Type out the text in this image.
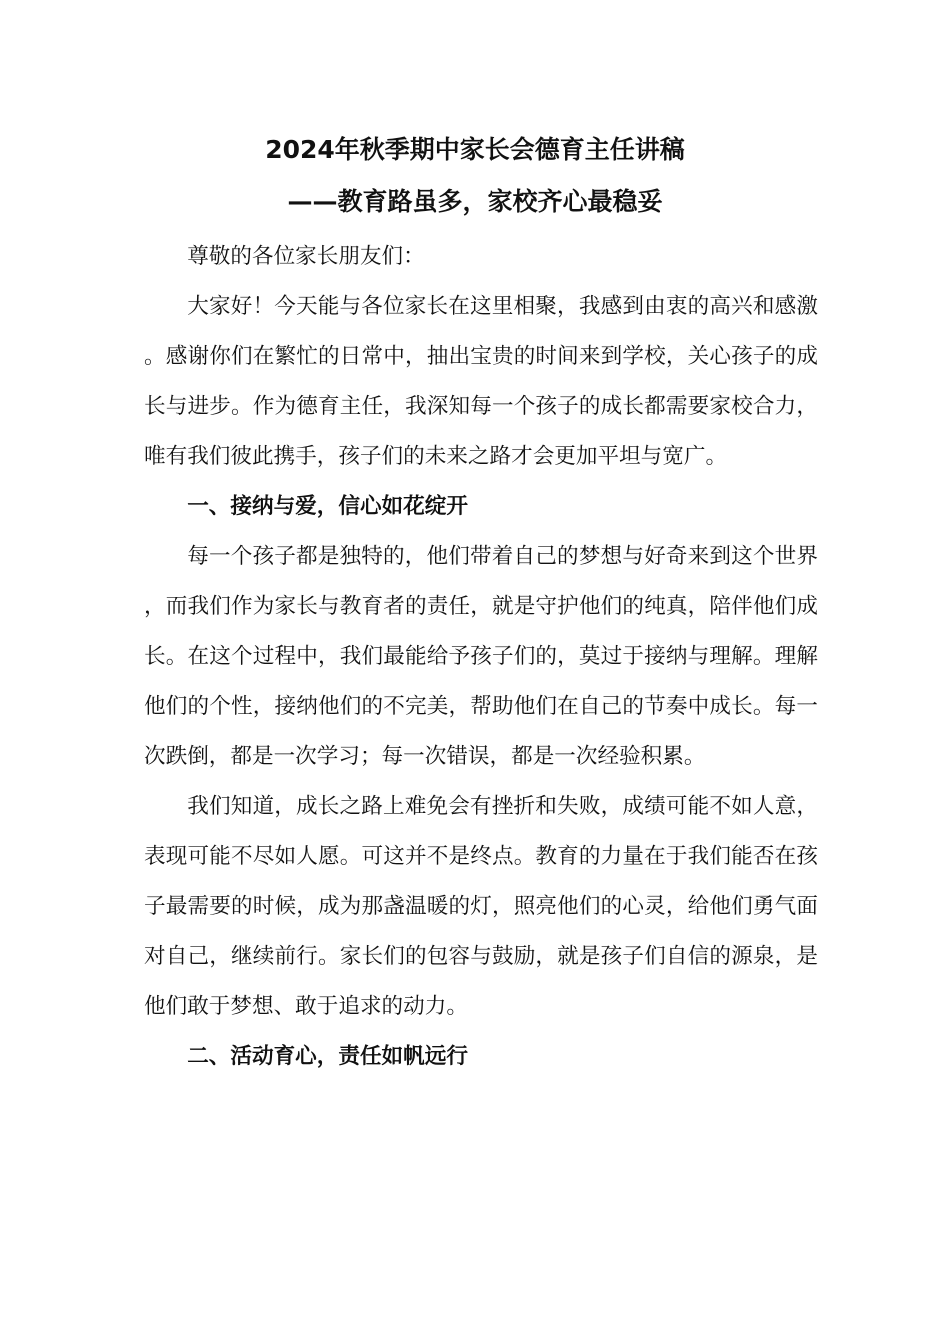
2024年秋季期中家长会德育主任讲稿
——教育路虽多，家校齐心最稳妥

尊敬的各位家长朋友们：

大家好！今天能与各位家长在这里相聚，我感到由衷的高兴和感激。感谢你们在繁忙的日常中，抽出宝贵的时间来到学校，关心孩子的成长与进步。作为德育主任，我深知每一个孩子的成长都需要家校合力，唯有我们彼此携手，孩子们的未来之路才会更加平坦与宽广。

一、接纳与爱，信心如花绽开

每一个孩子都是独特的，他们带着自己的梦想与好奇来到这个世界，而我们作为家长与教育者的责任，就是守护他们的纯真，陪伴他们成长。在这个过程中，我们最能给予孩子们的，莫过于接纳与理解。理解他们的个性，接纳他们的不完美，帮助他们在自己的节奏中成长。每一次跌倒，都是一次学习；每一次错误，都是一次经验积累。

我们知道，成长之路上难免会有挫折和失败，成绩可能不如人意，表现可能不尽如人愿。可这并不是终点。教育的力量在于我们能否在孩子最需要的时候，成为那盏温暖的灯，照亮他们的心灵，给他们勇气面对自己，继续前行。家长们的包容与鼓励，就是孩子们自信的源泉，是他们敢于梦想、敢于追求的动力。

二、活动育心，责任如帆远行
